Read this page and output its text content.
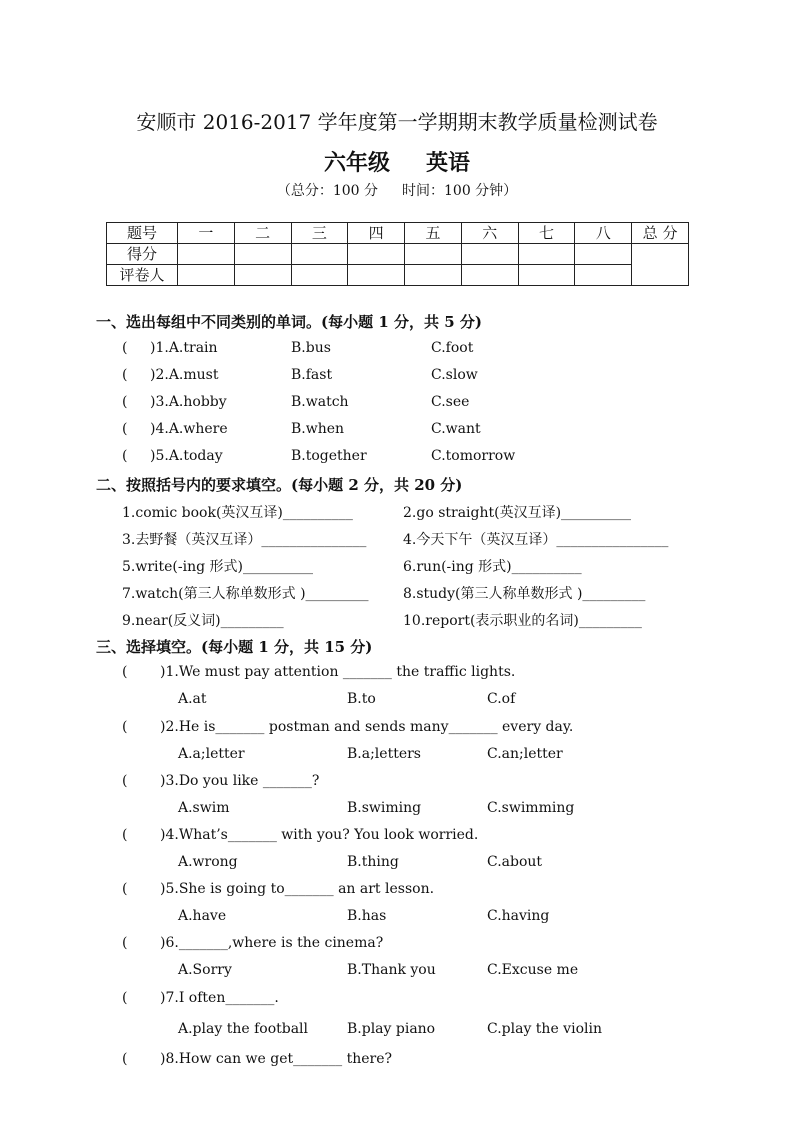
安顺市 2016-2017 学年度第一学期期末教学质量检测试卷
六年级 英语
（总分：100 分 时间：100 分钟）
题号	一	二	三	四	五	六	七	八	总 分
得分									
评卷人									
一、选出每组中不同类别的单词。(每小题 1 分，共 5 分)
( )1.A.train	B.bus	C.foot
( )2.A.must	B.fast	C.slow
( )3.A.hobby	B.watch	C.see
( )4.A.where	B.when	C.want
( )5.A.today	B.together	C.tomorrow
二、按照括号内的要求填空。(每小题 2 分，共 20 分)
1.comic book(英汉互译)__________	2.go straight(英汉互译)__________
3.去野餐（英汉互译）_______________	4.今天下午（英汉互译）________________
5.write(-ing 形式)__________	6.run(-ing 形式)__________
7.watch(第三人称单数形式 )_________ 8.study(第三人称单数形式 )_________
9.near(反义词)_________	10.report(表示职业的名词)_________
三、选择填空。(每小题 1 分，共 15 分)
( )1.We must pay attention _______ the traffic lights.
A.at	B.to	C.of
( )2.He is_______ postman and sends many_______ every day.
A.a;letter	B.a;letters	C.an;letter
( )3.Do you like _______?
A.swim	B.swiming	C.swimming
( )4.What’s_______ with you? You look worried.
A.wrong	B.thing	C.about
( )5.She is going to_______ an art lesson.
A.have	B.has	C.having
( )6._______,where is the cinema?
A.Sorry	B.Thank you	C.Excuse me
( )7.I often_______.
A.play the football	B.play piano	C.play the violin
( )8.How can we get_______ there?
